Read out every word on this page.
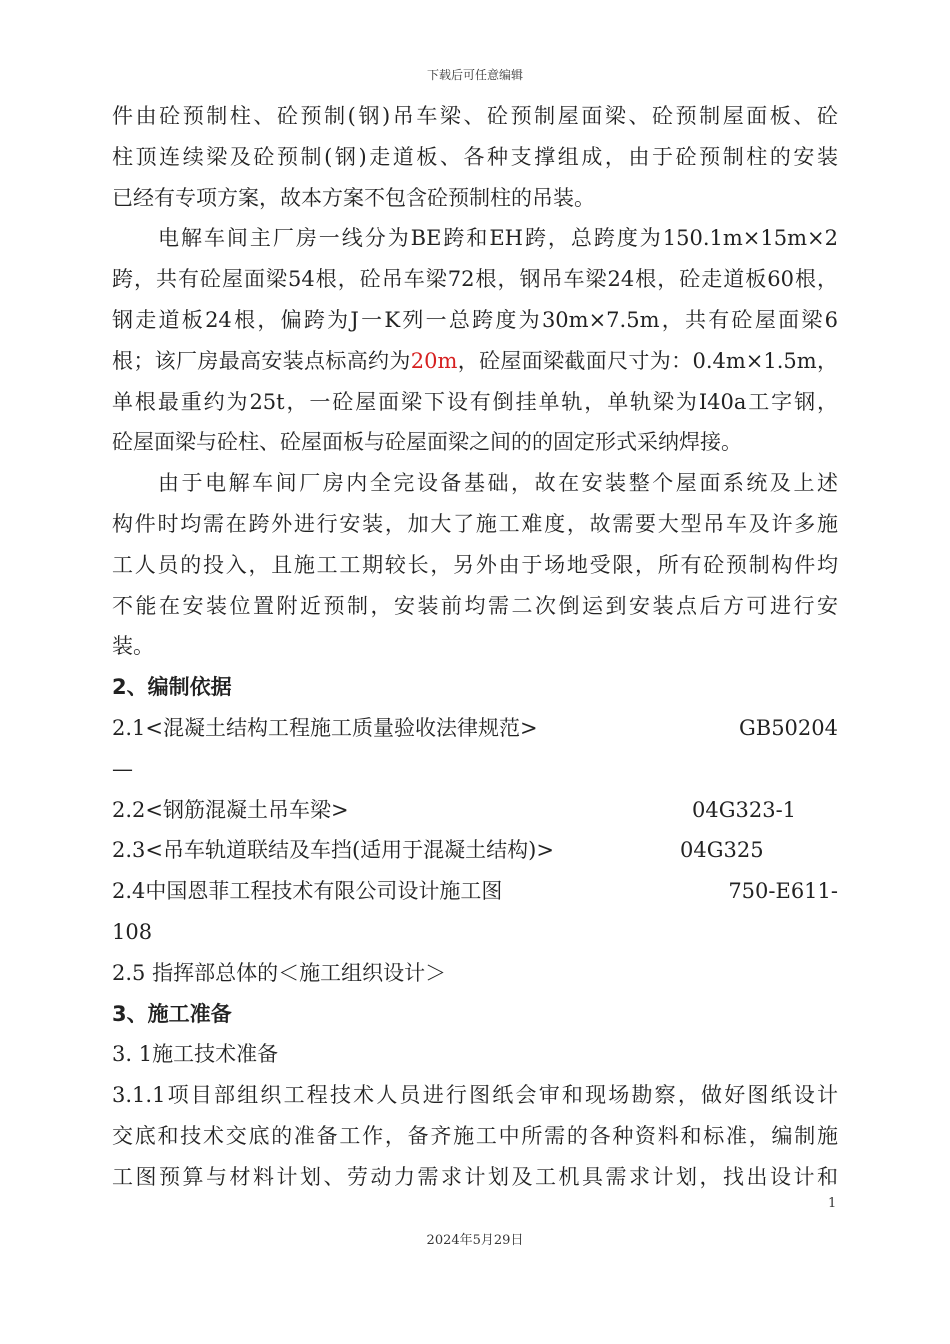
下载后可任意编辑
件由砼预制柱、砼预制(钢)吊车梁、砼预制屋面梁、砼预制屋面板、砼
柱顶连续梁及砼预制(钢)走道板、各种支撑组成，由于砼预制柱的安装
已经有专项方案，故本方案不包含砼预制柱的吊装。
电解车间主厂房一线分为BE跨和EH跨，总跨度为150.1m×15m×2
跨，共有砼屋面梁54根，砼吊车梁72根，钢吊车梁24根，砼走道板60根，
钢走道板24根，偏跨为J一K列一总跨度为30m×7.5m，共有砼屋面梁6
根；该厂房最高安装点标高约为20m，砼屋面梁截面尺寸为：0.4m×1.5m，
单根最重约为25t，一砼屋面梁下设有倒挂单轨，单轨梁为I40a工字钢，
砼屋面梁与砼柱、砼屋面板与砼屋面梁之间的的固定形式采纳焊接。
由于电解车间厂房内全完设备基础，故在安装整个屋面系统及上述
构件时均需在跨外进行安装，加大了施工难度，故需要大型吊车及许多施
工人员的投入，且施工工期较长，另外由于场地受限，所有砼预制构件均
不能在安装位置附近预制，安装前均需二次倒运到安装点后方可进行安
装。
2、编制依据
2.1<混凝土结构工程施工质量验收法律规范>	GB50204
—
2.2<钢筋混凝土吊车梁>	04G323-1
2.3<吊车轨道联结及车挡(适用于混凝土结构)>	04G325
2.4中国恩菲工程技术有限公司设计施工图	750-E611-
108
2.5 指挥部总体的＜施工组织设计＞
3、施工准备
3. 1施工技术准备
3.1.1项目部组织工程技术人员进行图纸会审和现场勘察，做好图纸设计
交底和技术交底的准备工作，备齐施工中所需的各种资料和标准，编制施
工图预算与材料计划、劳动力需求计划及工机具需求计划，找出设计和
1
2024年5月29日
